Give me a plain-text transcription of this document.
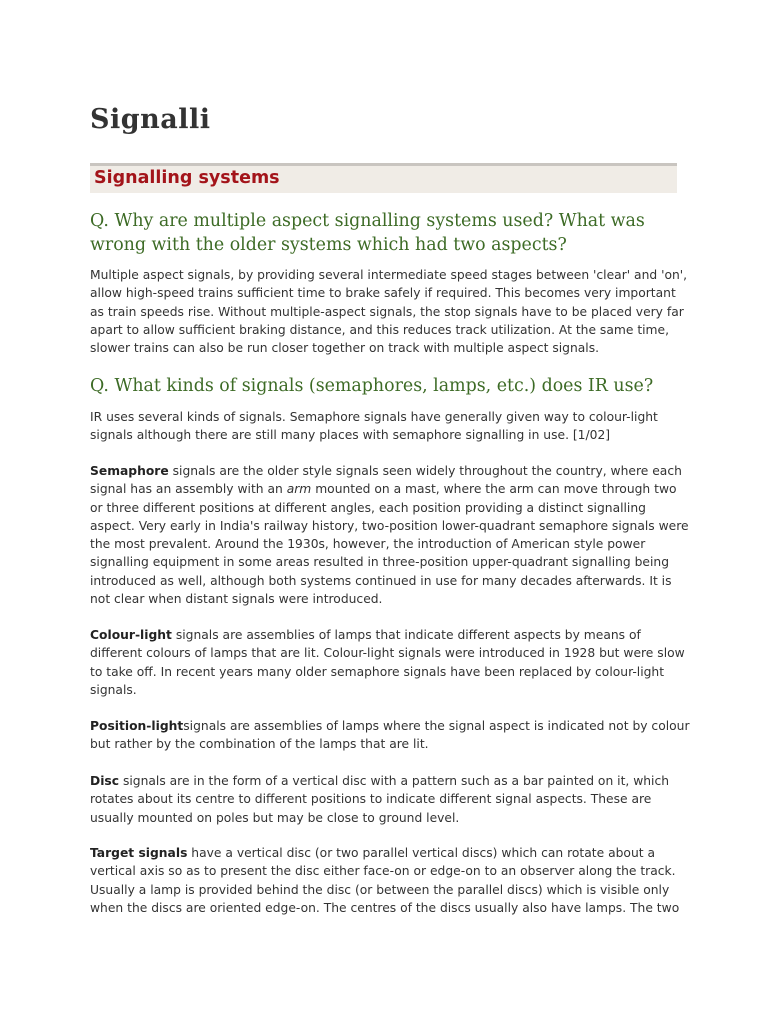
Signalli
Signalling systems
Q. Why are multiple aspect signalling systems used? What was
wrong with the older systems which had two aspects?

Multiple aspect signals, by providing several intermediate speed stages between 'clear' and 'on',
allow high-speed trains sufficient time to brake safely if required. This becomes very important
as train speeds rise. Without multiple-aspect signals, the stop signals have to be placed very far
apart to allow sufficient braking distance, and this reduces track utilization. At the same time,
slower trains can also be run closer together on track with multiple aspect signals.

Q. What kinds of signals (semaphores, lamps, etc.) does IR use?

IR uses several kinds of signals. Semaphore signals have generally given way to colour-light
signals although there are still many places with semaphore signalling in use. [1/02]

Semaphore signals are the older style signals seen widely throughout the country, where each
signal has an assembly with an arm mounted on a mast, where the arm can move through two
or three different positions at different angles, each position providing a distinct signalling
aspect. Very early in India's railway history, two-position lower-quadrant semaphore signals were
the most prevalent. Around the 1930s, however, the introduction of American style power
signalling equipment in some areas resulted in three-position upper-quadrant signalling being
introduced as well, although both systems continued in use for many decades afterwards. It is
not clear when distant signals were introduced.

Colour-light signals are assemblies of lamps that indicate different aspects by means of
different colours of lamps that are lit. Colour-light signals were introduced in 1928 but were slow
to take off. In recent years many older semaphore signals have been replaced by colour-light
signals.

Position-lightsignals are assemblies of lamps where the signal aspect is indicated not by colour
but rather by the combination of the lamps that are lit.

Disc signals are in the form of a vertical disc with a pattern such as a bar painted on it, which
rotates about its centre to different positions to indicate different signal aspects. These are
usually mounted on poles but may be close to ground level.

Target signals have a vertical disc (or two parallel vertical discs) which can rotate about a
vertical axis so as to present the disc either face-on or edge-on to an observer along the track.
Usually a lamp is provided behind the disc (or between the parallel discs) which is visible only
when the discs are oriented edge-on. The centres of the discs usually also have lamps. The two
